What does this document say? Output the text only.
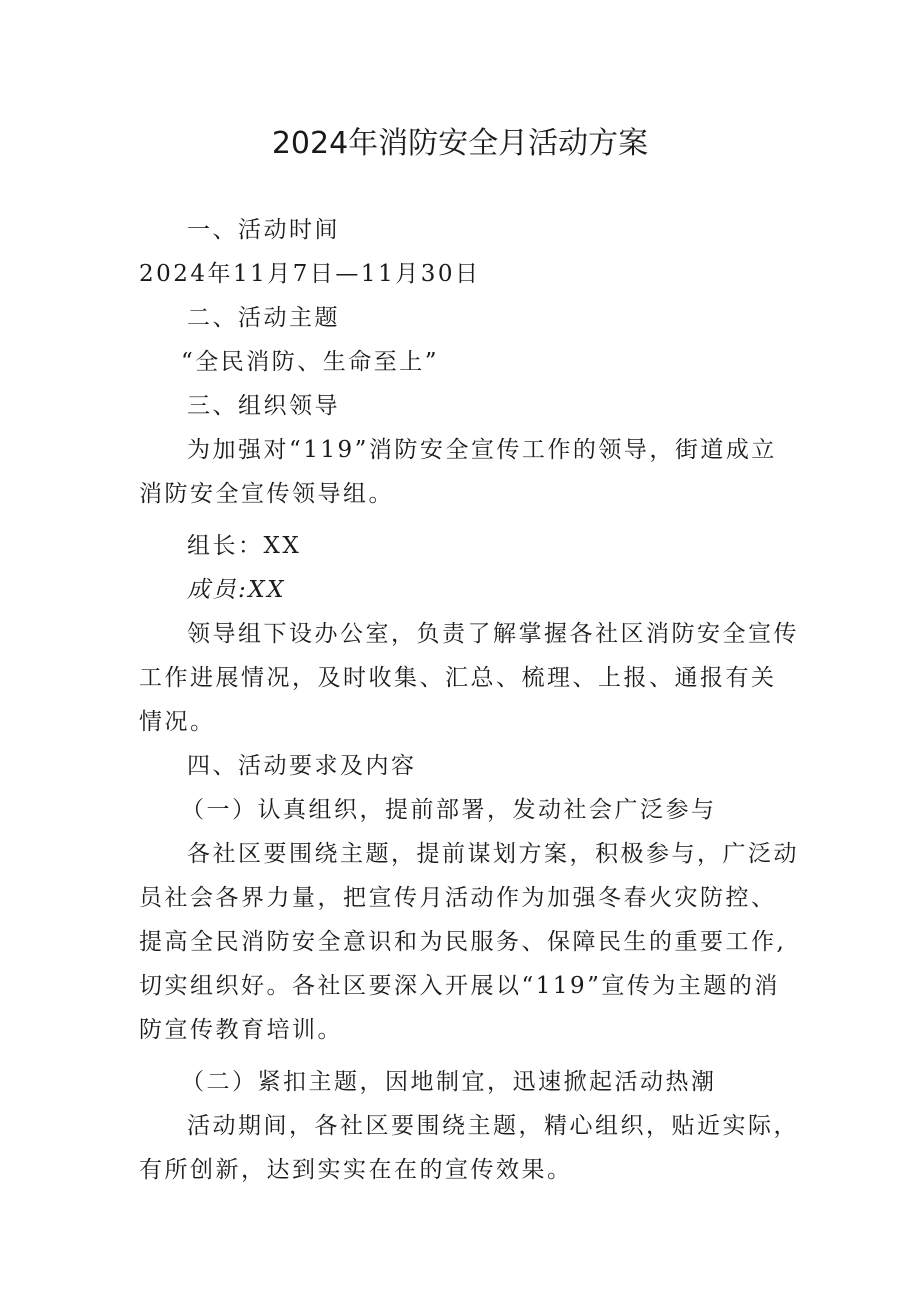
2024年消防安全月活动方案

一、活动时间

2024年11月7日—11月30日

二、活动主题

“全民消防、生命至上”

三、组织领导

为加强对“119”消防安全宣传工作的领导，街道成立消防安全宣传领导组。

组长：XX

成员:XX

领导组下设办公室，负责了解掌握各社区消防安全宣传工作进展情况，及时收集、汇总、梳理、上报、通报有关情况。

四、活动要求及内容

（一）认真组织，提前部署，发动社会广泛参与

各社区要围绕主题，提前谋划方案，积极参与，广泛动员社会各界力量，把宣传月活动作为加强冬春火灾防控、提高全民消防安全意识和为民服务、保障民生的重要工作,切实组织好。各社区要深入开展以“119”宣传为主题的消防宣传教育培训。

（二）紧扣主题，因地制宜，迅速掀起活动热潮

活动期间，各社区要围绕主题，精心组织，贴近实际，有所创新，达到实实在在的宣传效果。
